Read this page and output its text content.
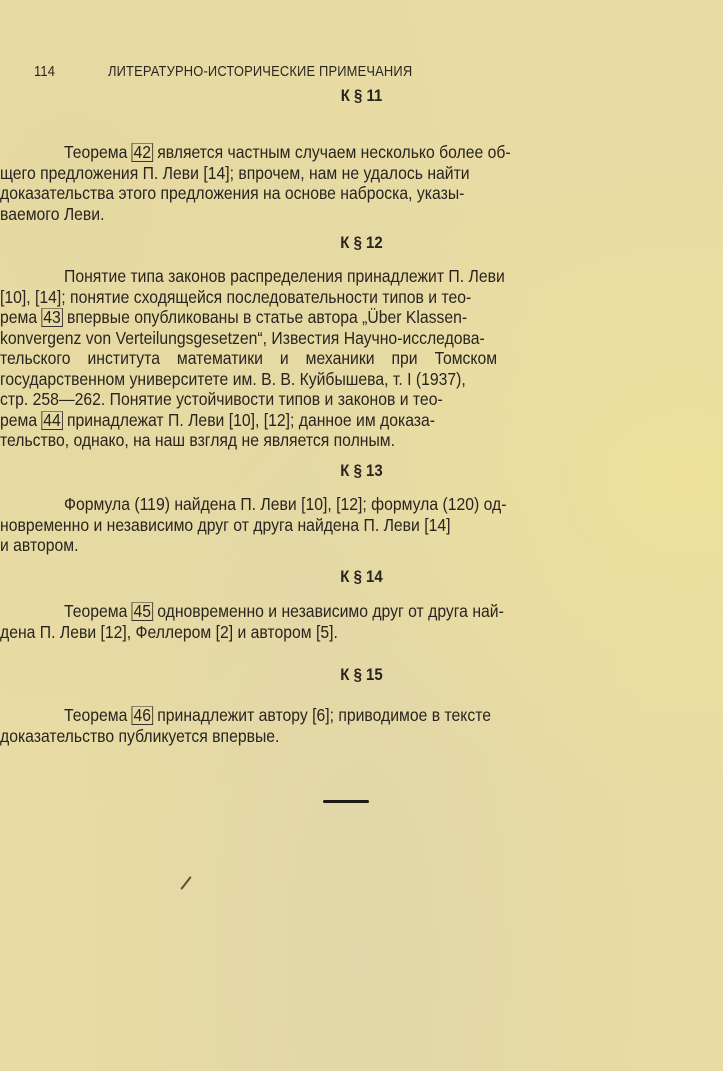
114	ЛИТЕРАТУРНО-ИСТОРИЧЕСКИЕ ПРИМЕЧАНИЯ
К § 11
Теорема 42 является частным случаем несколько более об-
щего предложения П. Леви [14]; впрочем, нам не удалось найти
доказательства этого предложения на основе наброска, указы-
ваемого Леви.
К § 12
Понятие типа законов распределения принадлежит П. Леви
[10], [14]; понятие сходящейся последовательности типов и тео-
рема 43 впервые опубликованы в статье автора „Über Klassen-
konvergenz von Verteilungsgesetzen“, Известия Научно-исследова-
тельского института математики и механики при Томском
государственном университете им. В. В. Куйбышева, т. I (1937),
стр. 258—262. Понятие устойчивости типов и законов и тео-
рема 44 принадлежат П. Леви [10], [12]; данное им доказа-
тельство, однако, на наш взгляд не является полным.
К § 13
Формула (119) найдена П. Леви [10], [12]; формула (120) од-
новременно и независимо друг от друга найдена П. Леви [14]
и автором.
К § 14
Теорема 45 одновременно и независимо друг от друга най-
дена П. Леви [12], Феллером [2] и автором [5].
К § 15
Теорема 46 принадлежит автору [6]; приводимое в тексте
доказательство публикуется впервые.
